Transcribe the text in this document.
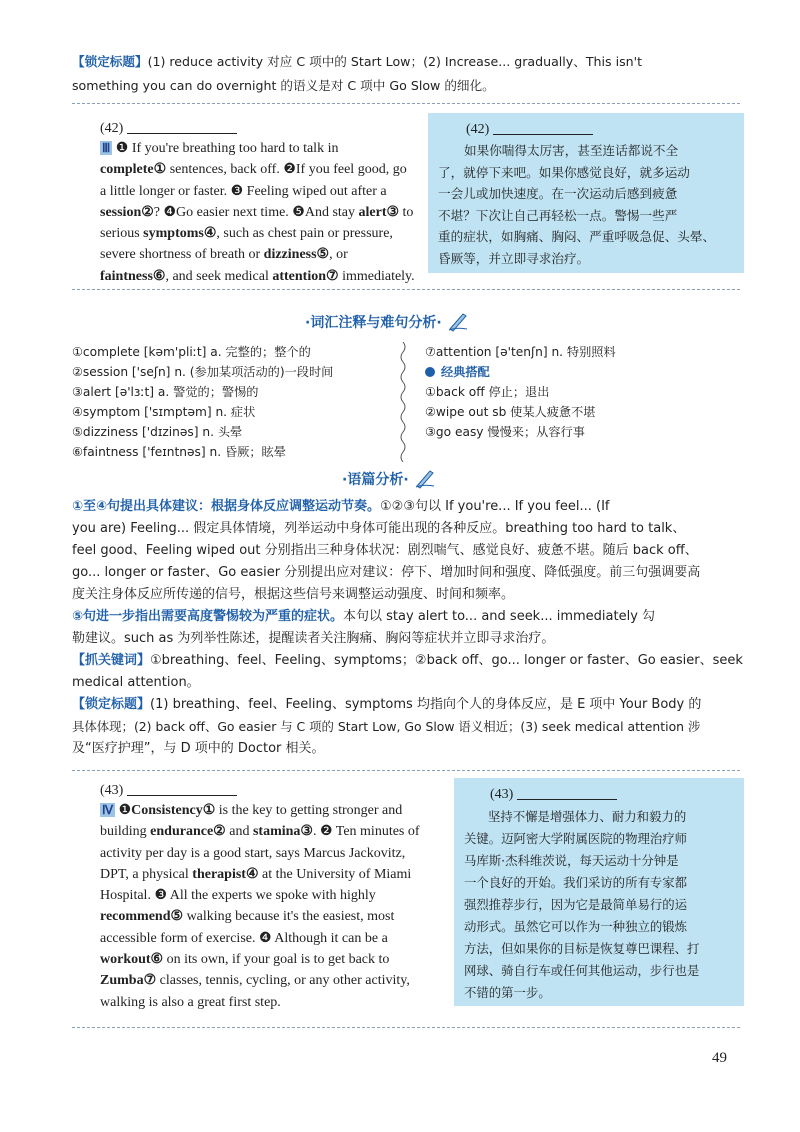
【锁定标题】(1) reduce activity 对应 C 项中的 Start Low；(2) Increase... gradually、This isn't
something you can do overnight 的语义是对 C 项中 Go Slow 的细化。
(42)
Ⅲ ❶ If you're breathing too hard to talk in
complete① sentences, back off. ❷If you feel good, go
a little longer or faster. ❸ Feeling wiped out after a
session②? ❹Go easier next time. ❺And stay alert③ to
serious symptoms④, such as chest pain or pressure,
severe shortness of breath or dizziness⑤, or
faintness⑥, and seek medical attention⑦ immediately.
(42)
如果你喘得太厉害，甚至连话都说不全
了，就停下来吧。如果你感觉良好，就多运动
一会儿或加快速度。在一次运动后感到疲惫
不堪？下次让自己再轻松一点。警惕一些严
重的症状，如胸痛、胸闷、严重呼吸急促、头晕、
昏厥等，并立即寻求治疗。
·词汇注释与难句分析·
①complete [kəm'pliːt] a. 完整的；整个的
②session ['seʃn] n. (参加某项活动的)一段时间
③alert [ə'lɜːt] a. 警觉的；警惕的
④symptom ['sɪmptəm] n. 症状
⑤dizziness ['dɪzinəs] n. 头晕
⑥faintness ['feɪntnəs] n. 昏厥；眩晕
⑦attention [ə'tenʃn] n. 特别照料
经典搭配
①back off 停止；退出
②wipe out sb 使某人疲惫不堪
③go easy 慢慢来；从容行事
·语篇分析·
①至④句提出具体建议：根据身体反应调整运动节奏。①②③句以 If you're... If you feel... (If
you are) Feeling... 假定具体情境，列举运动中身体可能出现的各种反应。breathing too hard to talk、
feel good、Feeling wiped out 分别指出三种身体状况：剧烈喘气、感觉良好、疲惫不堪。随后 back off、
go... longer or faster、Go easier 分别提出应对建议：停下、增加时间和强度、降低强度。前三句强调要高
度关注身体反应所传递的信号，根据这些信号来调整运动强度、时间和频率。
⑤句进一步指出需要高度警惕较为严重的症状。本句以 stay alert to... and seek... immediately 勾
勒建议。such as 为列举性陈述，提醒读者关注胸痛、胸闷等症状并立即寻求治疗。
【抓关键词】①breathing、feel、Feeling、symptoms；②back off、go... longer or faster、Go easier、seek
medical attention。
【锁定标题】(1) breathing、feel、Feeling、symptoms 均指向个人的身体反应，是 E 项中 Your Body 的
具体体现；(2) back off、Go easier 与 C 项的 Start Low, Go Slow 语义相近；(3) seek medical attention 涉
及“医疗护理”，与 D 项中的 Doctor 相关。
(43)
Ⅳ ❶Consistency① is the key to getting stronger and
building endurance② and stamina③. ❷ Ten minutes of
activity per day is a good start, says Marcus Jackovitz,
DPT, a physical therapist④ at the University of Miami
Hospital. ❸ All the experts we spoke with highly
recommend⑤ walking because it's the easiest, most
accessible form of exercise. ❹ Although it can be a
workout⑥ on its own, if your goal is to get back to
Zumba⑦ classes, tennis, cycling, or any other activity,
walking is also a great first step.
(43)
坚持不懈是增强体力、耐力和毅力的
关键。迈阿密大学附属医院的物理治疗师
马库斯·杰科维茨说，每天运动十分钟是
一个良好的开始。我们采访的所有专家都
强烈推荐步行，因为它是最简单易行的运
动形式。虽然它可以作为一种独立的锻炼
方法，但如果你的目标是恢复尊巴课程、打
网球、骑自行车或任何其他运动，步行也是
不错的第一步。
49
